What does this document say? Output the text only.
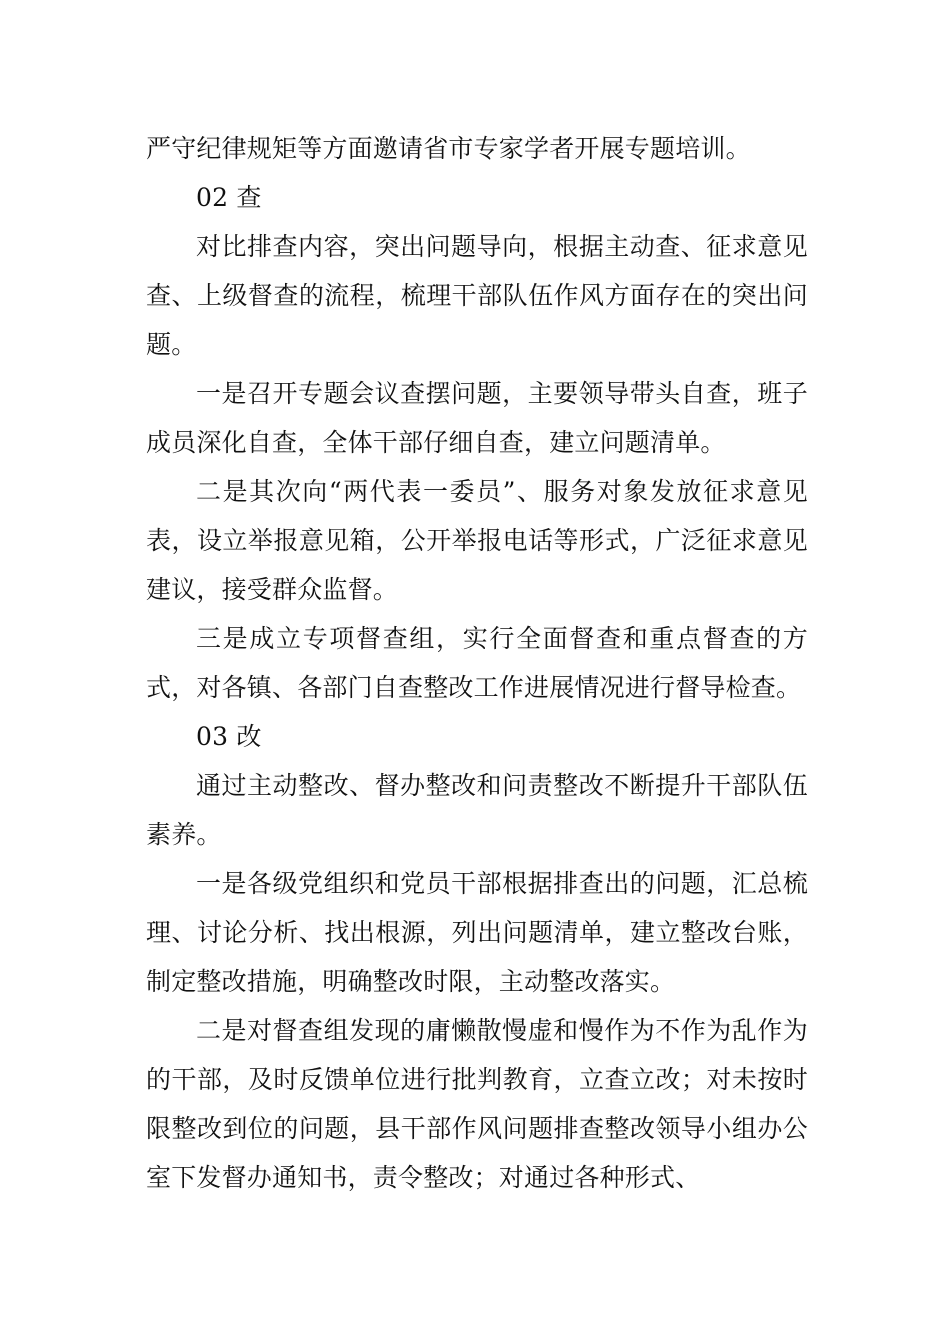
严守纪律规矩等方面邀请省市专家学者开展专题培训。

02 查

对比排查内容，突出问题导向，根据主动查、征求意见查、上级督查的流程，梳理干部队伍作风方面存在的突出问题。

一是召开专题会议查摆问题，主要领导带头自查，班子成员深化自查，全体干部仔细自查，建立问题清单。

二是其次向“两代表一委员”、服务对象发放征求意见表，设立举报意见箱，公开举报电话等形式，广泛征求意见建议，接受群众监督。

三是成立专项督查组，实行全面督查和重点督查的方式，对各镇、各部门自查整改工作进展情况进行督导检查。

03 改

通过主动整改、督办整改和问责整改不断提升干部队伍素养。

一是各级党组织和党员干部根据排查出的问题，汇总梳理、讨论分析、找出根源，列出问题清单，建立整改台账，制定整改措施，明确整改时限，主动整改落实。

二是对督查组发现的庸懒散慢虚和慢作为不作为乱作为的干部，及时反馈单位进行批判教育，立查立改；对未按时限整改到位的问题，县干部作风问题排查整改领导小组办公室下发督办通知书，责令整改；对通过各种形式、
